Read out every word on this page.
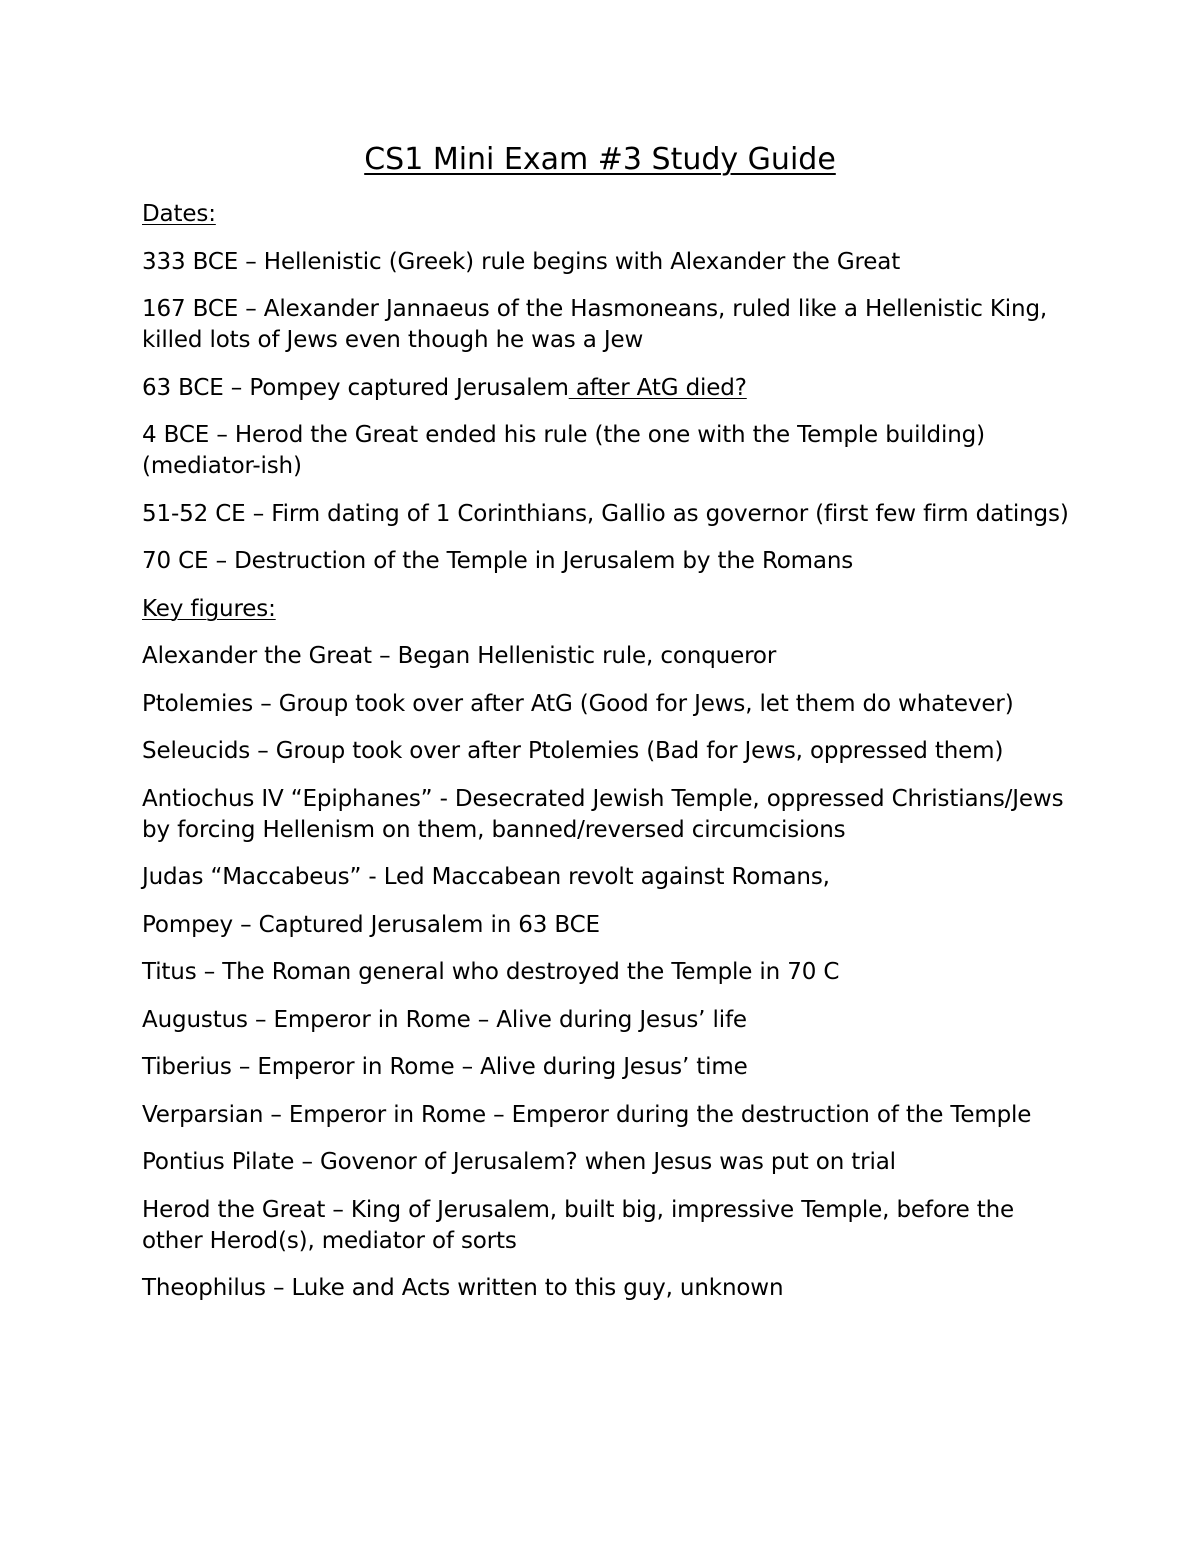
CS1 Mini Exam #3 Study Guide

Dates:

333 BCE – Hellenistic (Greek) rule begins with Alexander the Great

167 BCE – Alexander Jannaeus of the Hasmoneans, ruled like a Hellenistic King, killed lots of Jews even though he was a Jew

63 BCE – Pompey captured Jerusalem after AtG died?

4 BCE – Herod the Great ended his rule (the one with the Temple building) (mediator-ish)

51-52 CE – Firm dating of 1 Corinthians, Gallio as governor (first few firm datings)

70 CE – Destruction of the Temple in Jerusalem by the Romans

Key figures:

Alexander the Great – Began Hellenistic rule, conqueror

Ptolemies – Group took over after AtG (Good for Jews, let them do whatever)

Seleucids – Group took over after Ptolemies (Bad for Jews, oppressed them)

Antiochus IV “Epiphanes” - Desecrated Jewish Temple, oppressed Christians/Jews by forcing Hellenism on them, banned/reversed circumcisions

Judas “Maccabeus” - Led Maccabean revolt against Romans,

Pompey – Captured Jerusalem in 63 BCE

Titus – The Roman general who destroyed the Temple in 70 C

Augustus – Emperor in Rome – Alive during Jesus’ life

Tiberius – Emperor in Rome – Alive during Jesus’ time

Verparsian – Emperor in Rome – Emperor during the destruction of the Temple

Pontius Pilate – Govenor of Jerusalem? when Jesus was put on trial

Herod the Great – King of Jerusalem, built big, impressive Temple, before the other Herod(s), mediator of sorts

Theophilus – Luke and Acts written to this guy, unknown
